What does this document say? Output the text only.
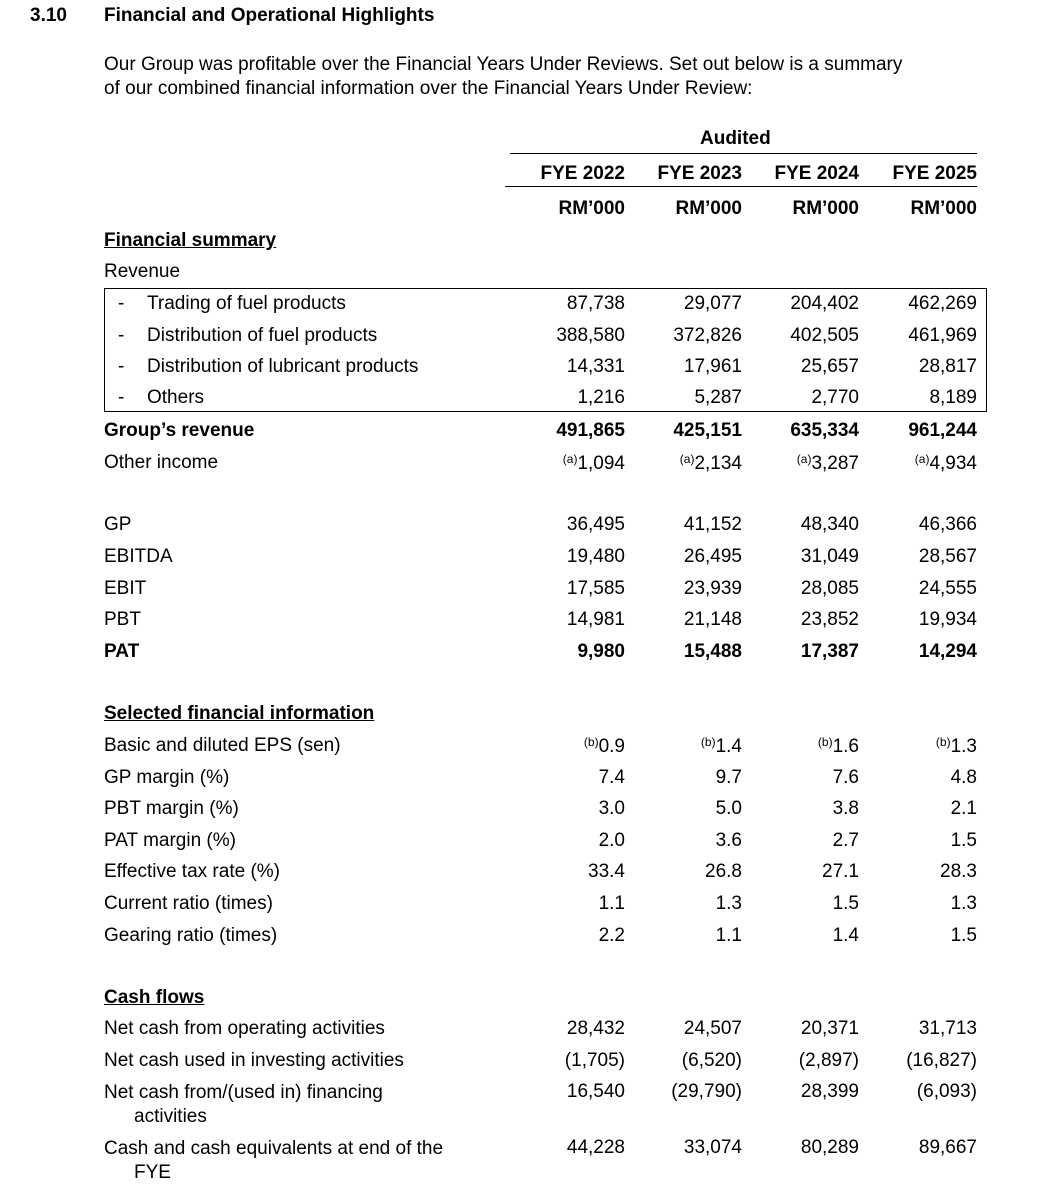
3.10 Financial and Operational Highlights
Our Group was profitable over the Financial Years Under Reviews. Set out below is a summary
of our combined financial information over the Financial Years Under Review:
Audited
FYE 2022	FYE 2023	FYE 2024	FYE 2025
RM’000	RM’000	RM’000	RM’000
Financial summary
Revenue
- Trading of fuel products	87,738	29,077	204,402	462,269
- Distribution of fuel products	388,580	372,826	402,505	461,969
- Distribution of lubricant products	14,331	17,961	25,657	28,817
- Others	1,216	5,287	2,770	8,189
Group’s revenue	491,865	425,151	635,334	961,244
Other income	$^{(a)}$1,094	$^{(a)}$2,134	$^{(a)}$3,287	$^{(a)}$4,934
GP	36,495	41,152	48,340	46,366
EBITDA	19,480	26,495	31,049	28,567
EBIT	17,585	23,939	28,085	24,555
PBT	14,981	21,148	23,852	19,934
PAT	9,980	15,488	17,387	14,294
Selected financial information
Basic and diluted EPS (sen)	$^{(b)}$0.9	$^{(b)}$1.4	$^{(b)}$1.6	$^{(b)}$1.3
GP margin (%)	7.4	9.7	7.6	4.8
PBT margin (%)	3.0	5.0	3.8	2.1
PAT margin (%)	2.0	3.6	2.7	1.5
Effective tax rate (%)	33.4	26.8	27.1	28.3
Current ratio (times)	1.1	1.3	1.5	1.3
Gearing ratio (times)	2.2	1.1	1.4	1.5
Cash flows
Net cash from operating activities	28,432	24,507	20,371	31,713
Net cash used in investing activities	(1,705)	(6,520)	(2,897)	(16,827)
Net cash from/(used in) financing
activities
16,540	(29,790)	28,399	(6,093)
Cash and cash equivalents at end of the
FYE
44,228	33,074	80,289	89,667
